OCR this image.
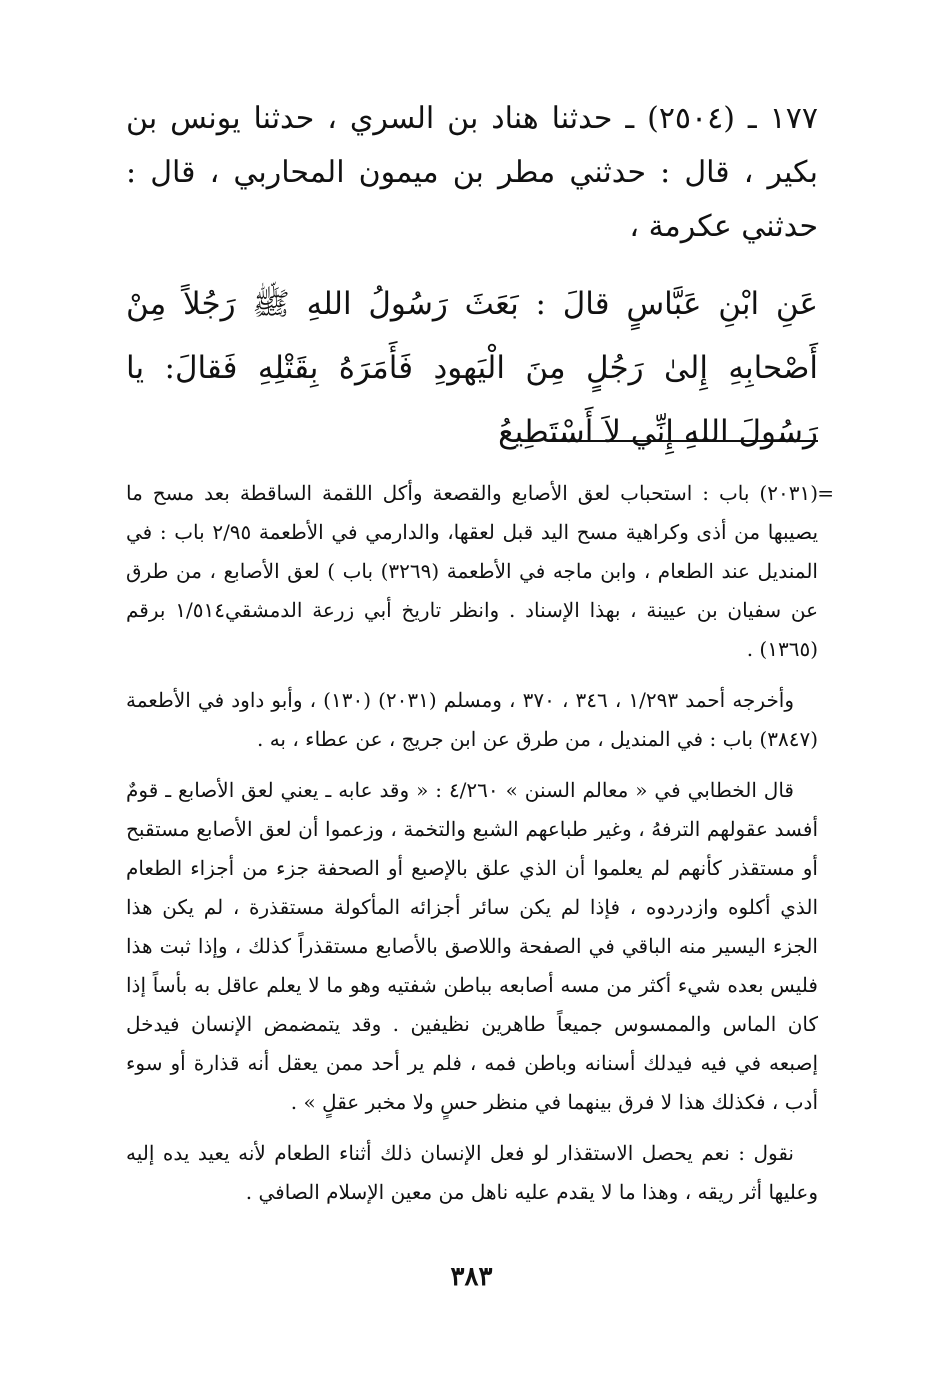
١٧٧ ـ (٢٥٠٤) ـ حدثنا هناد بن السري ، حدثنا يونس بن بكير ، قال : حدثني مطر بن ميمون المحاربي ، قال : حدثني عكرمة ،
عَنِ ابْنِ عَبَّاسٍ قالَ : بَعَثَ رَسُولُ اللهِ ﷺ رَجُلاً مِنْ أَصْحابِهِ إِلىٰ رَجُلٍ مِنَ الْيَهودِ فَأَمَرَهُ بِقَتْلِهِ فَقالَ: يا رَسُولَ اللهِ إِنِّي لاَ أَسْتَطِيعُ

=
(٢٠٣١) باب : استحباب لعق الأصابع والقصعة وأكل اللقمة الساقطة بعد مسح ما يصيبها من أذى وكراهية مسح اليد قبل لعقها، والدارمي في الأطعمة ٢/٩٥ باب : في المنديل عند الطعام ، وابن ماجه في الأطعمة (٣٢٦٩) باب ) لعق الأصابع ، من طرق عن سفيان بن عيينة ، بهذا الإسناد . وانظر تاريخ أبي زرعة الدمشقي١/٥١٤ برقم (١٣٦٥) .

وأخرجه أحمد ١/٢٩٣ ، ٣٤٦ ، ٣٧٠ ، ومسلم (٢٠٣١) (١٣٠) ، وأبو داود في الأطعمة (٣٨٤٧) باب : في المنديل ، من طرق عن ابن جريج ، عن عطاء ، به .

قال الخطابي في « معالم السنن » ٤/٢٦٠ : « وقد عابه ـ يعني لعق الأصابع ـ قومٌ أفسد عقولهم الترفهُ ، وغير طباعهم الشبع والتخمة ، وزعموا أن لعق الأصابع مستقبح أو مستقذر كأنهم لم يعلموا أن الذي علق بالإصبع أو الصحفة جزء من أجزاء الطعام الذي أكلوه وازدردوه ، فإذا لم يكن سائر أجزائه المأكولة مستقذرة ، لم يكن هذا الجزء اليسير منه الباقي في الصفحة واللاصق بالأصابع مستقذراً كذلك ، وإذا ثبت هذا فليس بعده شيء أكثر من مسه أصابعه بباطن شفتيه وهو ما لا يعلم عاقل به بأساً إذا كان الماس والممسوس جميعاً طاهرين نظيفين . وقد يتمضمض الإنسان فيدخل إصبعه في فيه فيدلك أسنانه وباطن فمه ، فلم ير أحد ممن يعقل أنه قذارة أو سوء أدب ، فكذلك هذا لا فرق بينهما في منظر حسٍ ولا مخبر عقلٍ » .

نقول : نعم يحصل الاستقذار لو فعل الإنسان ذلك أثناء الطعام لأنه يعيد يده إليه وعليها أثر ريقه ، وهذا ما لا يقدم عليه ناهل من معين الإسلام الصافي .

٣٨٣
